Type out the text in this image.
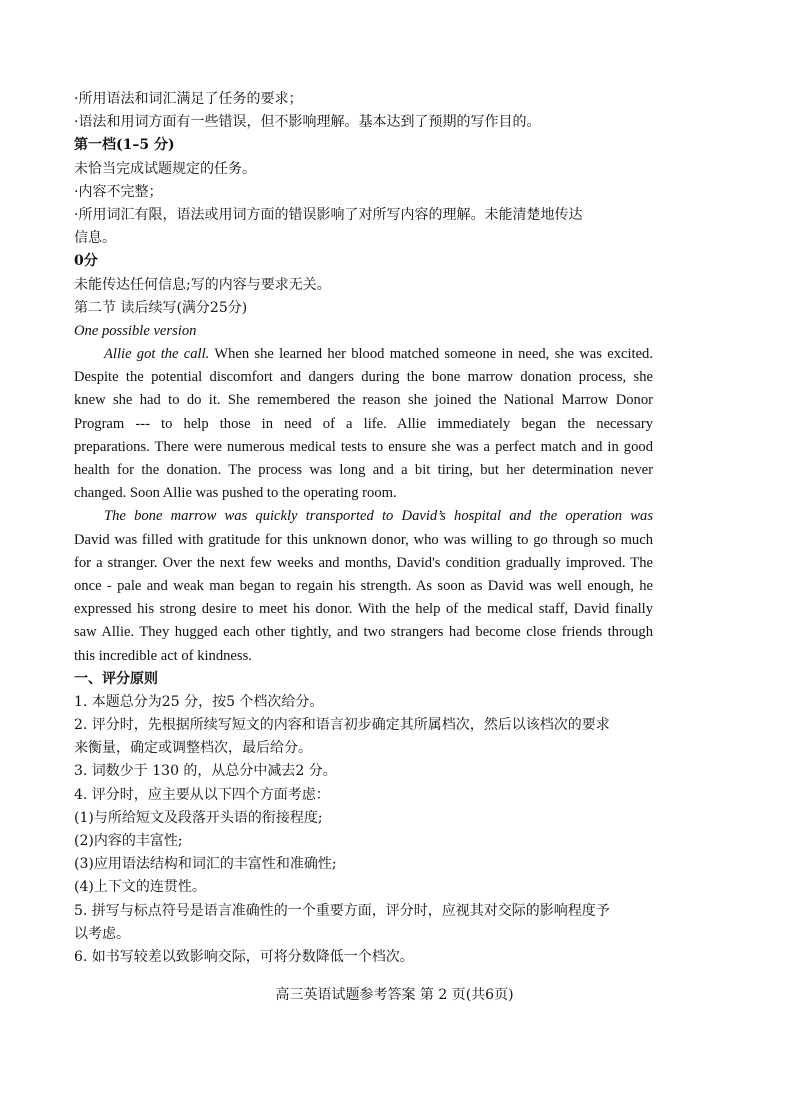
·所用语法和词汇满足了任务的要求；
·语法和用词方面有一些错误，但不影响理解。基本达到了预期的写作目的。
第一档(1–5 分)
未恰当完成试题规定的任务。
·内容不完整；
·所用词汇有限，语法或用词方面的错误影响了对所写内容的理解。未能清楚地传达
信息。
0分
未能传达任何信息;写的内容与要求无关。
第二节 读后续写(满分25分)
One possible version
Allie got the call. When she learned her blood matched someone in need, she was excited.
Despite the potential discomfort and dangers during the bone marrow donation process, she
knew she had to do it. She remembered the reason she joined the National Marrow Donor
Program --- to help those in need of a life. Allie immediately began the necessary
preparations. There were numerous medical tests to ensure she was a perfect match and in good
health for the donation. The process was long and a bit tiring, but her determination never
changed. Soon Allie was pushed to the operating room.
The bone marrow was quickly transported to David’s hospital and the operation was
David was filled with gratitude for this unknown donor, who was willing to go through so much
for a stranger. Over the next few weeks and months, David's condition gradually improved. The
once - pale and weak man began to regain his strength. As soon as David was well enough, he
expressed his strong desire to meet his donor. With the help of the medical staff, David finally
saw Allie. They hugged each other tightly, and two strangers had become close friends through
this incredible act of kindness.
一、评分原则
1. 本题总分为25 分，按5 个档次给分。
2. 评分时，先根据所续写短文的内容和语言初步确定其所属档次，然后以该档次的要求
来衡量，确定或调整档次，最后给分。
3. 词数少于 130 的，从总分中减去2 分。
4. 评分时，应主要从以下四个方面考虑：
(1)与所给短文及段落开头语的衔接程度;
(2)内容的丰富性;
(3)应用语法结构和词汇的丰富性和准确性;
(4)上下文的连贯性。
5. 拼写与标点符号是语言准确性的一个重要方面，评分时，应视其对交际的影响程度予
以考虑。
6. 如书写较差以致影响交际，可将分数降低一个档次。
高三英语试题参考答案 第 2 页(共6页)
